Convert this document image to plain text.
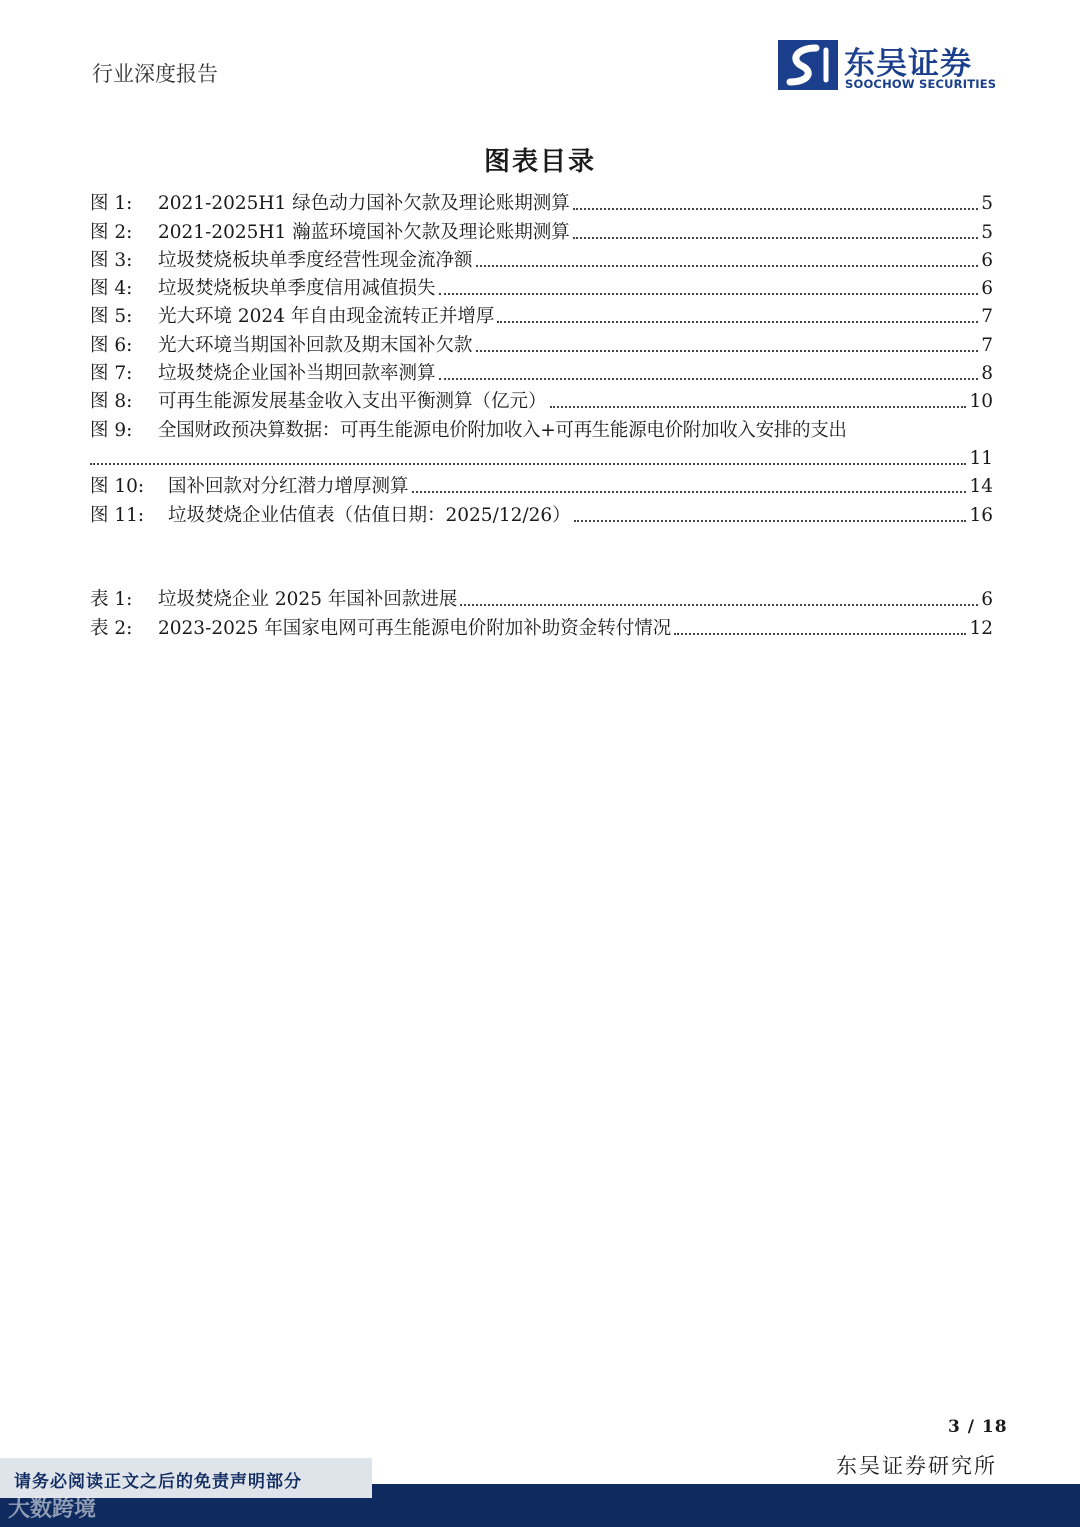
行业深度报告	东吴证券
SOOCHOW SECURITIES
图表目录
图 1:	2021-2025H1 绿色动力国补欠款及理论账期测算	5
图 2:	2021-2025H1 瀚蓝环境国补欠款及理论账期测算	5
图 3:	垃圾焚烧板块单季度经营性现金流净额	6
图 4:	垃圾焚烧板块单季度信用减值损失	6
图 5:	光大环境 2024 年自由现金流转正并增厚	7
图 6:	光大环境当期国补回款及期末国补欠款	7
图 7:	垃圾焚烧企业国补当期回款率测算	8
图 8:	可再生能源发展基金收入支出平衡测算（亿元）	10
图 9:	全国财政预决算数据：可再生能源电价附加收入+可再生能源电价附加收入安排的支出
11
图 10:	国补回款对分红潜力增厚测算	14
图 11:	垃圾焚烧企业估值表（估值日期：2025/12/26）	16
表 1:	垃圾焚烧企业 2025 年国补回款进展	6
表 2:	2023-2025 年国家电网可再生能源电价附加补助资金转付情况	12
3 / 18
东吴证券研究所
请务必阅读正文之后的免责声明部分
大数跨境
